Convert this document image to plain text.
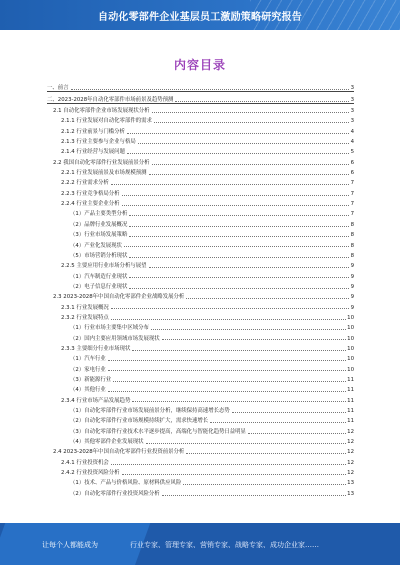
自动化零部件企业基层员工激励策略研究报告
内容目录
一、前言	3
二、2023-2028年自动化零部件市场前景及趋势预测	3
2.1 自动化零部件企业市场发展现状分析	3
2.1.1 行业发展对自动化零部件的需求	3
2.1.2 行业前景与门槛分析	4
2.1.3 行业主要参与企业与格局	4
2.1.4 行业经营与发展问题	5
2.2 我国自动化零部件行业发展前景分析	6
2.2.1 行业发展前景及市场规模预测	6
2.2.2 行业需求分析	7
2.2.3 行业竞争格局分析	7
2.2.4 行业主要企业分析	7
（1）产品主要类型分析	7
（2）品牌行业发展概况	8
（3）行业市场发展策略	8
（4）产业化发展现状	8
（5）市场营销分析现状	8
2.2.5 主要应用行业市场分析与展望	9
（1）汽车制造行业现状	9
（2）电子信息行业现状	9
2.3 2023-2028年中国自动化零部件企业战略发展分析	9
2.3.1 行业发展概况	9
2.3.2 行业发展特点	10
（1）行业市场主要集中区域分布	10
（2）国内主要应用领域市场发展现状	10
2.3.3 主要细分行业市场现状	10
（1）汽车行业	10
（2）家电行业	10
（3）新能源行业	11
（4）其他行业	11
2.3.4 行业市场产品发展趋势	11
（1）自动化零部件行业市场发展前景分析，继续保持高速增长态势	11
（2）自动化零部件行业市场规模持续扩大，需求快速增长	11
（3）自动化零部件行业技术水平逐步提高，高端化与智能化趋势日益明显	12
（4）其他零部件企业发展现状	12
2.4 2023-2028年中国自动化零部件行业投资前景分析	12
2.4.1 行业投资机会	12
2.4.2 行业投资风险分析	12
（1）技术、产品与价格风险、原材料供应风险	13
（2）自动化零部件行业投资风险分析	13
让每个人都能成为	行业专家、管理专家、营销专家、战略专家、成功企业家……
